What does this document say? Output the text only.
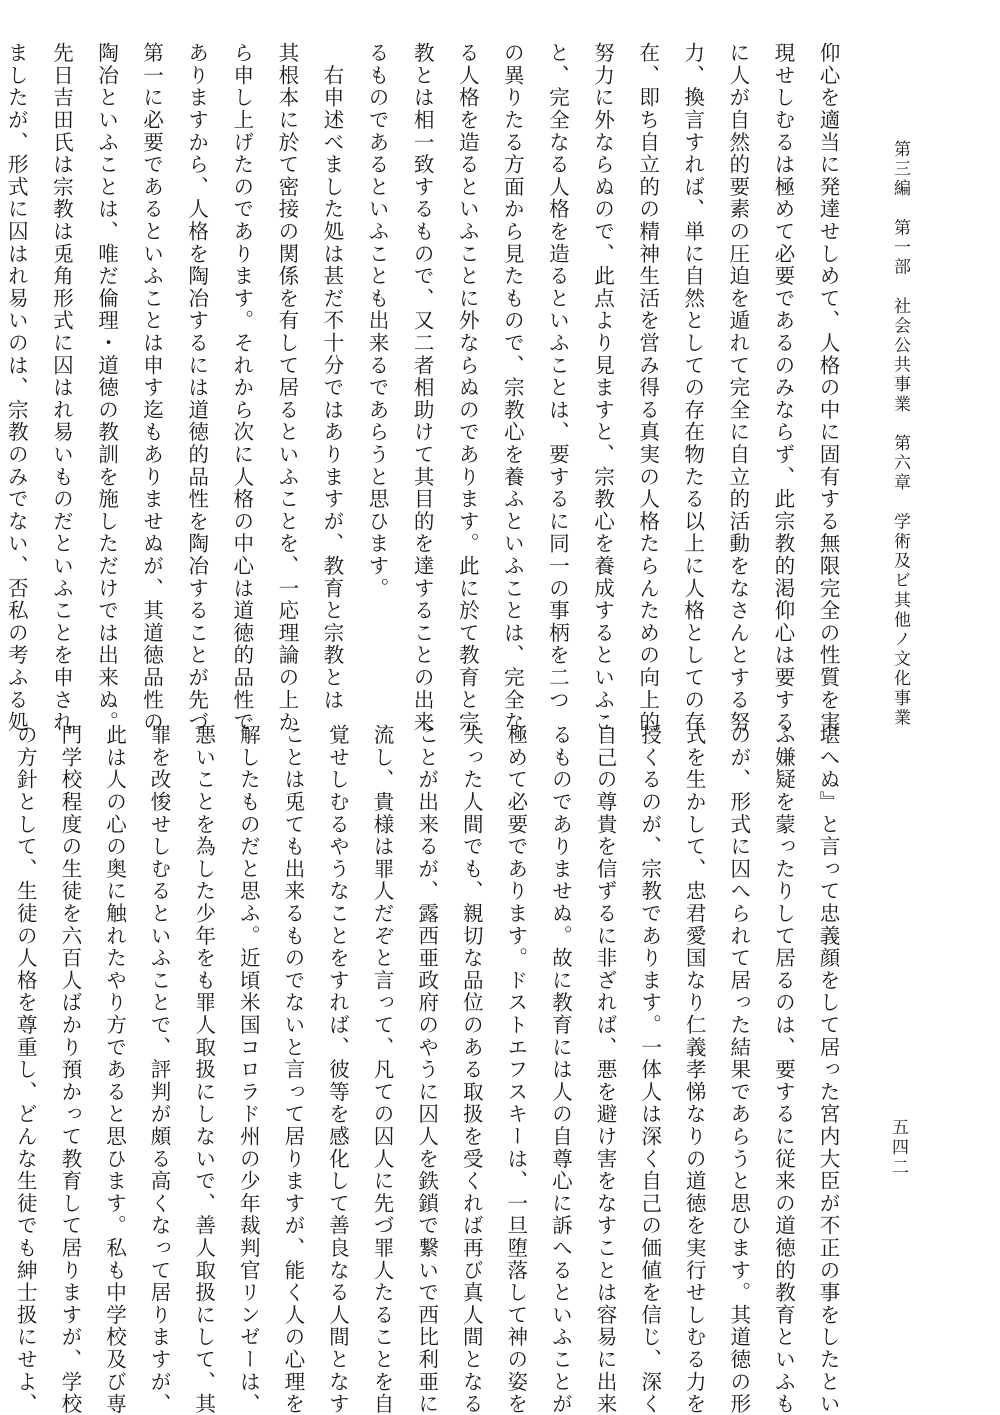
第三編　第一部　社会公共事業　第六章　学術及ビ其他ノ文化事業
仰心を適当に発達せしめて、人格の中に固有する無限完全の性質を実
現せしむるは極めて必要であるのみならず、此宗教的渇仰心は要する
に人が自然的要素の圧迫を遁れて完全に自立的活動をなさんとする努
力、換言すれば、単に自然としての存在物たる以上に人格としての存
在、即ち自立的の精神生活を営み得る真実の人格たらんための向上的
努力に外ならぬので、此点より見ますと、宗教心を養成するといふこ
と、完全なる人格を造るといふことは、要するに同一の事柄を二つ
の異りたる方面から見たもので、宗教心を養ふといふことは、完全な
る人格を造るといふことに外ならぬのであります。此に於て教育と宗
教とは相一致するもので、又二者相助けて其目的を達することの出来
るものであるといふことも出来るであらうと思ひます。
　右申述べました処は甚だ不十分ではありますが、教育と宗教とは
其根本に於て密接の関係を有して居るといふことを、一応理論の上か
ら申し上げたのであります。それから次に人格の中心は道徳的品性で
ありますから、人格を陶冶するには道徳的品性を陶冶することが先づ
第一に必要であるといふことは申す迄もありませぬが、其道徳品性の
陶冶といふことは、唯だ倫理・道徳の教訓を施しただけでは出来ぬ。
先日吉田氏は宗教は兎角形式に囚はれ易いものだといふことを申され
ましたが、形式に囚はれ易いのは、宗教のみでない、否私の考ふる処
堪へぬ』と言って忠義顔をして居った宮内大臣が不正の事をしたとい
ふ嫌疑を蒙ったりして居るのは、要するに従来の道徳的教育といふも
のが、形式に囚へられて居った結果であらうと思ひます。其道徳の形
式を生かして、忠君愛国なり仁義孝悌なりの道徳を実行せしむる力を
授くるのが、宗教であります。一体人は深く自己の価値を信じ、深く
自己の尊貴を信ずるに非ざれば、悪を避け害をなすことは容易に出来
るものでありませぬ。故に教育には人の自尊心に訴へるといふことが
極めて必要であります。ドストエフスキーは、一旦堕落して神の姿を
失った人間でも、親切な品位のある取扱を受くれば再び真人間となる
ことが出来るが、露西亜政府のやうに囚人を鉄鎖で繋いで西比利亜に
流し、貴様は罪人だぞと言って、凡ての囚人に先づ罪人たることを自
覚せしむるやうなことをすれば、彼等を感化して善良なる人間となす
ことは兎ても出来るものでないと言って居りますが、能く人の心理を
解したものだと思ふ。近頃米国コロラド州の少年裁判官リンゼーは、
悪いことを為した少年をも罪人取扱にしないで、善人取扱にして、其
罪を改悛せしむるといふことで、評判が頗る高くなって居りますが、
此は人の心の奥に触れたやり方であると思ひます。私も中学校及び専
門学校程度の生徒を六百人ばかり預かって教育して居りますが、学校
の方針として、生徒の人格を尊重し、どんな生徒でも紳士扱にせよ、	五四二
